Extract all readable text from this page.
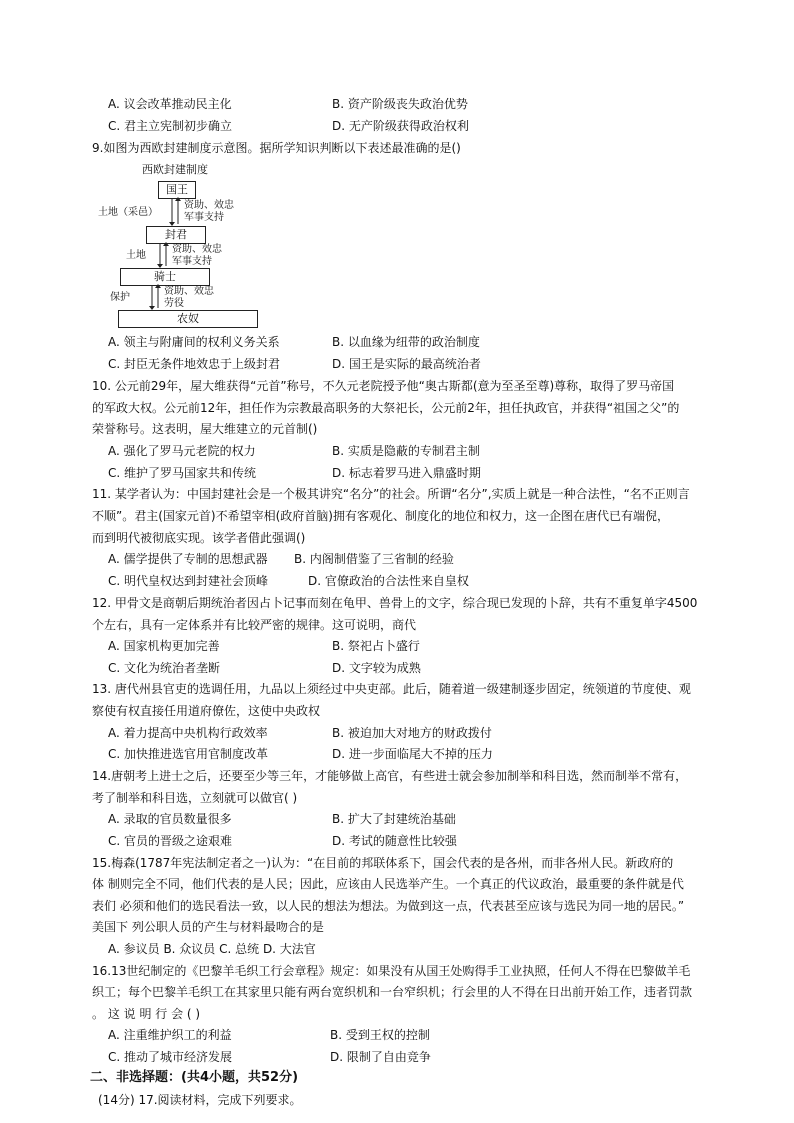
A. 议会改革推动民主化	B. 资产阶级丧失政治优势
C. 君主立宪制初步确立	D. 无产阶级获得政治权利
9.如图为西欧封建制度示意图。据所学知识判断以下表述最准确的是()
西欧封建制度
国王
封君
骑士
农奴
土地（采邑）
资助、效忠
军事支持
土地
资助、效忠
军事支持
保护
资助、效忠
劳役
A. 领主与附庸间的权利义务关系	B. 以血缘为纽带的政治制度
C. 封臣无条件地效忠于上级封君	D. 国王是实际的最高统治者
10. 公元前29年，屋大维获得“元首”称号，不久元老院授予他“奥古斯都(意为至圣至尊)尊称，取得了罗马帝国
的军政大权。公元前12年，担任作为宗教最高职务的大祭祀长，公元前2年，担任执政官，并获得“祖国之父”的
荣誉称号。这表明，屋大维建立的元首制()
A. 强化了罗马元老院的权力	B. 实质是隐蔽的专制君主制
C. 维护了罗马国家共和传统	D. 标志着罗马进入鼎盛时期
11. 某学者认为：中国封建社会是一个极其讲究“名分”的社会。所谓“名分”,实质上就是一种合法性，“名不正则言
不顺”。君主(国家元首)不希望宰相(政府首脑)拥有客观化、制度化的地位和权力，这一企图在唐代已有端倪，
而到明代被彻底实现。该学者借此强调()
A. 儒学提供了专制的思想武器 B. 内阁制借鉴了三省制的经验
C. 明代皇权达到封建社会顶峰	D. 官僚政治的合法性来自皇权
12. 甲骨文是商朝后期统治者因占卜记事而刻在龟甲、兽骨上的文字，综合现已发现的卜辞，共有不重复单字4500
个左右，具有一定体系并有比较严密的规律。这可说明，商代
A. 国家机构更加完善	B. 祭祀占卜盛行
C. 文化为统治者垄断	D. 文字较为成熟
13. 唐代州县官吏的选调任用，九品以上须经过中央吏部。此后，随着道一级建制逐步固定，统领道的节度使、观
察使有权直接任用道府僚佐，这使中央政权
A. 着力提高中央机构行政效率	B. 被迫加大对地方的财政拨付
C. 加快推进选官用官制度改革	D. 进一步面临尾大不掉的压力
14.唐朝考上进士之后，还要至少等三年，才能够做上高官，有些进士就会参加制举和科目选，然而制举不常有，
考了制举和科目选，立刻就可以做官( )
A. 录取的官员数量很多	B. 扩大了封建统治基础
C. 官员的晋级之途艰难	D. 考试的随意性比较强
15.梅森(1787年宪法制定者之一)认为：“在目前的邦联体系下，国会代表的是各州，而非各州人民。新政府的
体 制则完全不同，他们代表的是人民；因此，应该由人民选举产生。一个真正的代议政治，最重要的条件就是代
表们 必须和他们的选民看法一致，以人民的想法为想法。为做到这一点，代表甚至应该与选民为同一地的居民。”
美国下 列公职人员的产生与材料最吻合的是
A. 参议员 B. 众议员 C. 总统 D. 大法官
16.13世纪制定的《巴黎羊毛织工行会章程》规定：如果没有从国王处购得手工业执照，任何人不得在巴黎做羊毛
织工；每个巴黎羊毛织工在其家里只能有两台宽织机和一台窄织机；行会里的人不得在日出前开始工作，违者罚款
。 这 说 明 行 会 ( )
A. 注重维护织工的利益	B. 受到王权的控制
C. 推动了城市经济发展	D. 限制了自由竞争
二、非选择题：(共4小题，共52分)
(14分) 17.阅读材料，完成下列要求。
